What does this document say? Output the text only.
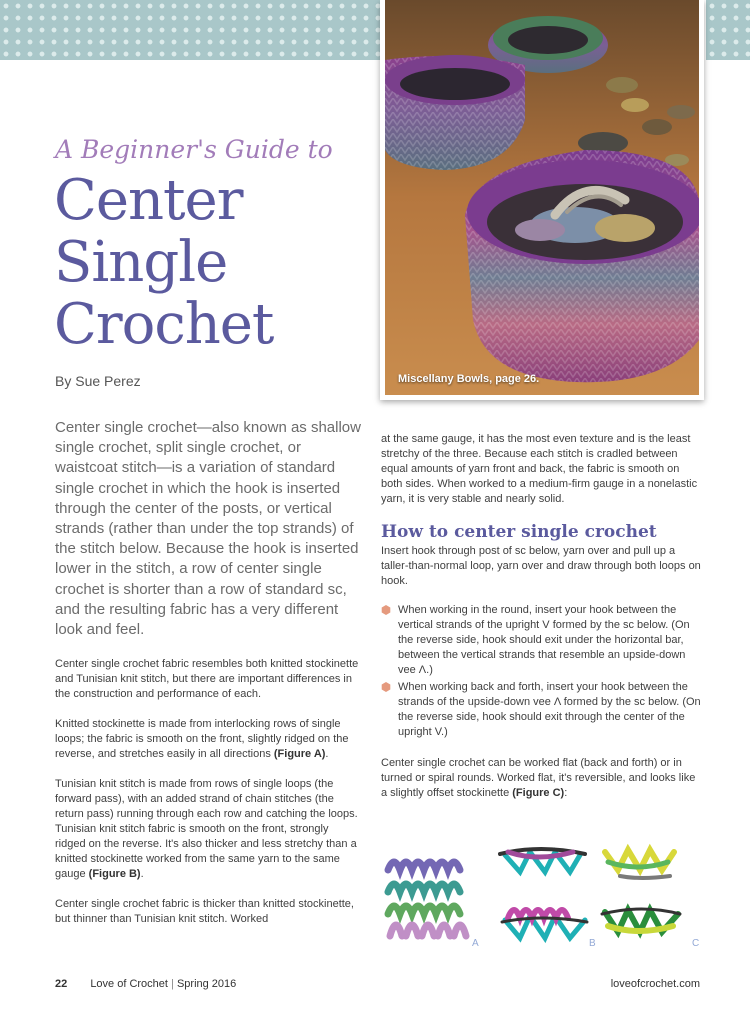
Miscellany Bowls, page 26.
A Beginner's Guide to
Center
Single
Crochet
By Sue Perez
Center single crochet—also known as shallow single crochet, split single crochet, or waistcoat stitch—is a variation of standard single crochet in which the hook is inserted through the center of the posts, or vertical strands (rather than under the top strands) of the stitch below. Because the hook is inserted lower in the stitch, a row of center single crochet is shorter than a row of standard sc, and the resulting fabric has a very different look and feel.

Center single crochet fabric resembles both knitted stockinette and Tunisian knit stitch, but there are important differences in the construction and performance of each.

Knitted stockinette is made from interlocking rows of single loops; the fabric is smooth on the front, slightly ridged on the reverse, and stretches easily in all directions (Figure A).

Tunisian knit stitch is made from rows of single loops (the forward pass), with an added strand of chain stitches (the return pass) running through each row and catching the loops. Tunisian knit stitch fabric is smooth on the front, strongly ridged on the reverse. It's also thicker and less stretchy than a knitted stockinette worked from the same yarn to the same gauge (Figure B).

Center single crochet fabric is thicker than knitted stockinette, but thinner than Tunisian knit stitch. Worked

at the same gauge, it has the most even texture and is the least stretchy of the three. Because each stitch is cradled between equal amounts of yarn front and back, the fabric is smooth on both sides. When worked to a medium-firm gauge in a nonelastic yarn, it is very stable and nearly solid.

How to center single crochet

Insert hook through post of sc below, yarn over and pull up a taller-than-normal loop, yarn over and draw through both loops on hook.

When working in the round, insert your hook between the vertical strands of the upright V formed by the sc below. (On the reverse side, hook should exit under the horizontal bar, between the vertical strands that resemble an upside-down vee Λ.)
When working back and forth, insert your hook between the strands of the upside-down vee Λ formed by the sc below. (On the reverse side, hook should exit through the center of the upright V.)

Center single crochet can be worked flat (back and forth) or in turned or spiral rounds. Worked flat, it's reversible, and looks like a slightly offset stockinette (Figure C):

A	B	C
22 Love of Crochet | Spring 2016	loveofcrochet.com
